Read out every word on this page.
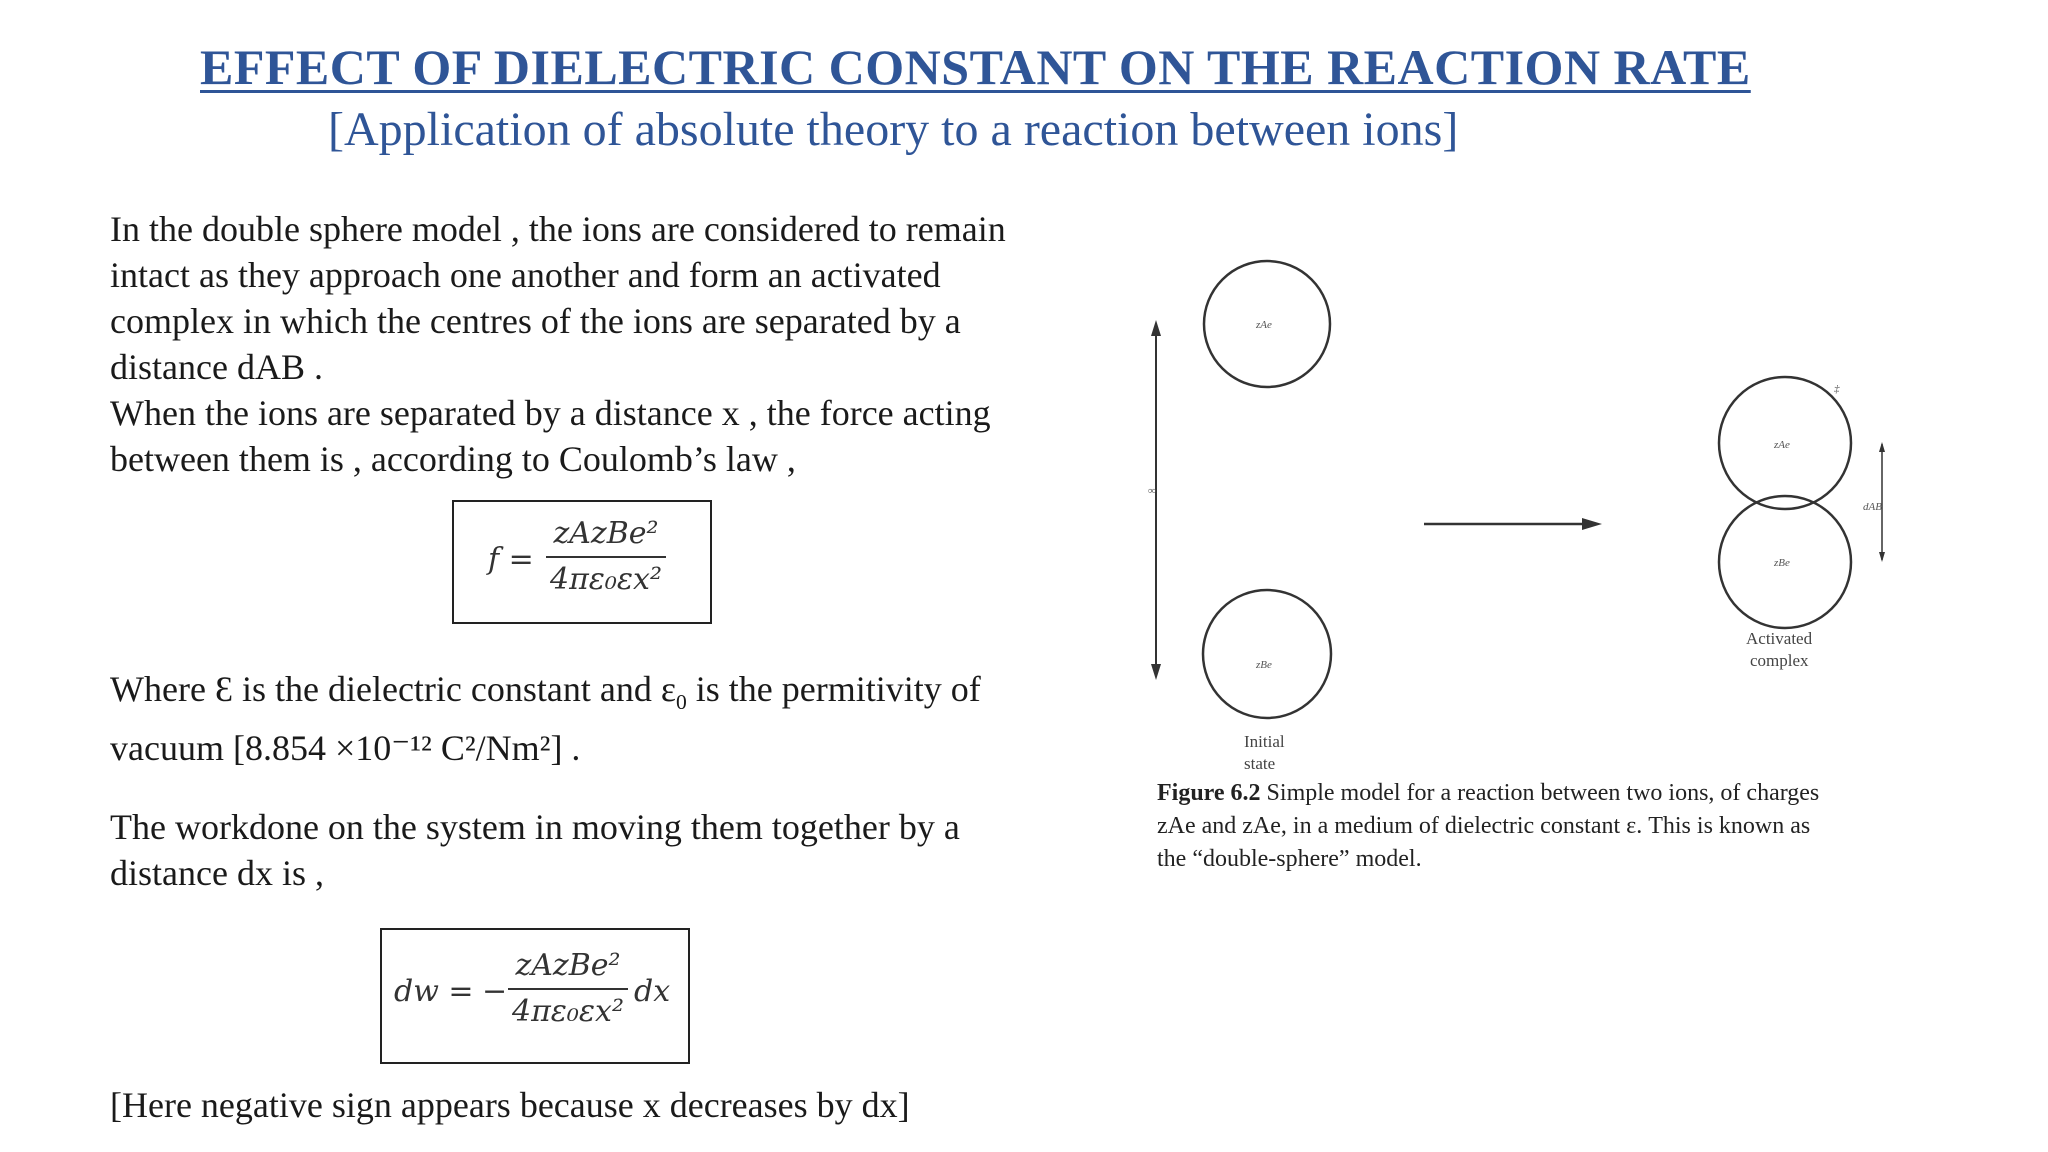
EFFECT OF DIELECTRIC CONSTANT ON THE REACTION RATE
[Application of absolute theory to a reaction between ions]
In the double sphere model , the ions are considered to remain
intact as they approach one another and form an activated
complex in which the centres of the ions are separated by a
distance dAB .
When the ions are separated by a distance x , the force acting
between them is , according to Coulomb’s law ,
f =
zAzBe²
4πε₀εx²
Where Ɛ is the dielectric constant and $\varepsilon_0$ is the permitivity of
vacuum [8.854 ×10⁻¹² C²/Nm²] .
The workdone on the system in moving them together by a
distance dx is ,
dw = −
zAzBe²
4πε₀εx²
dx
[Here negative sign appears because x decreases by dx]
∞
zAe
zBe
Initial
state
‡
zAe
zBe
dAB
Activated
complex
Figure 6.2 Simple model for a reaction between two ions, of charges
zAe and zAe, in a medium of dielectric constant ε. This is known as
the “double-sphere” model.
